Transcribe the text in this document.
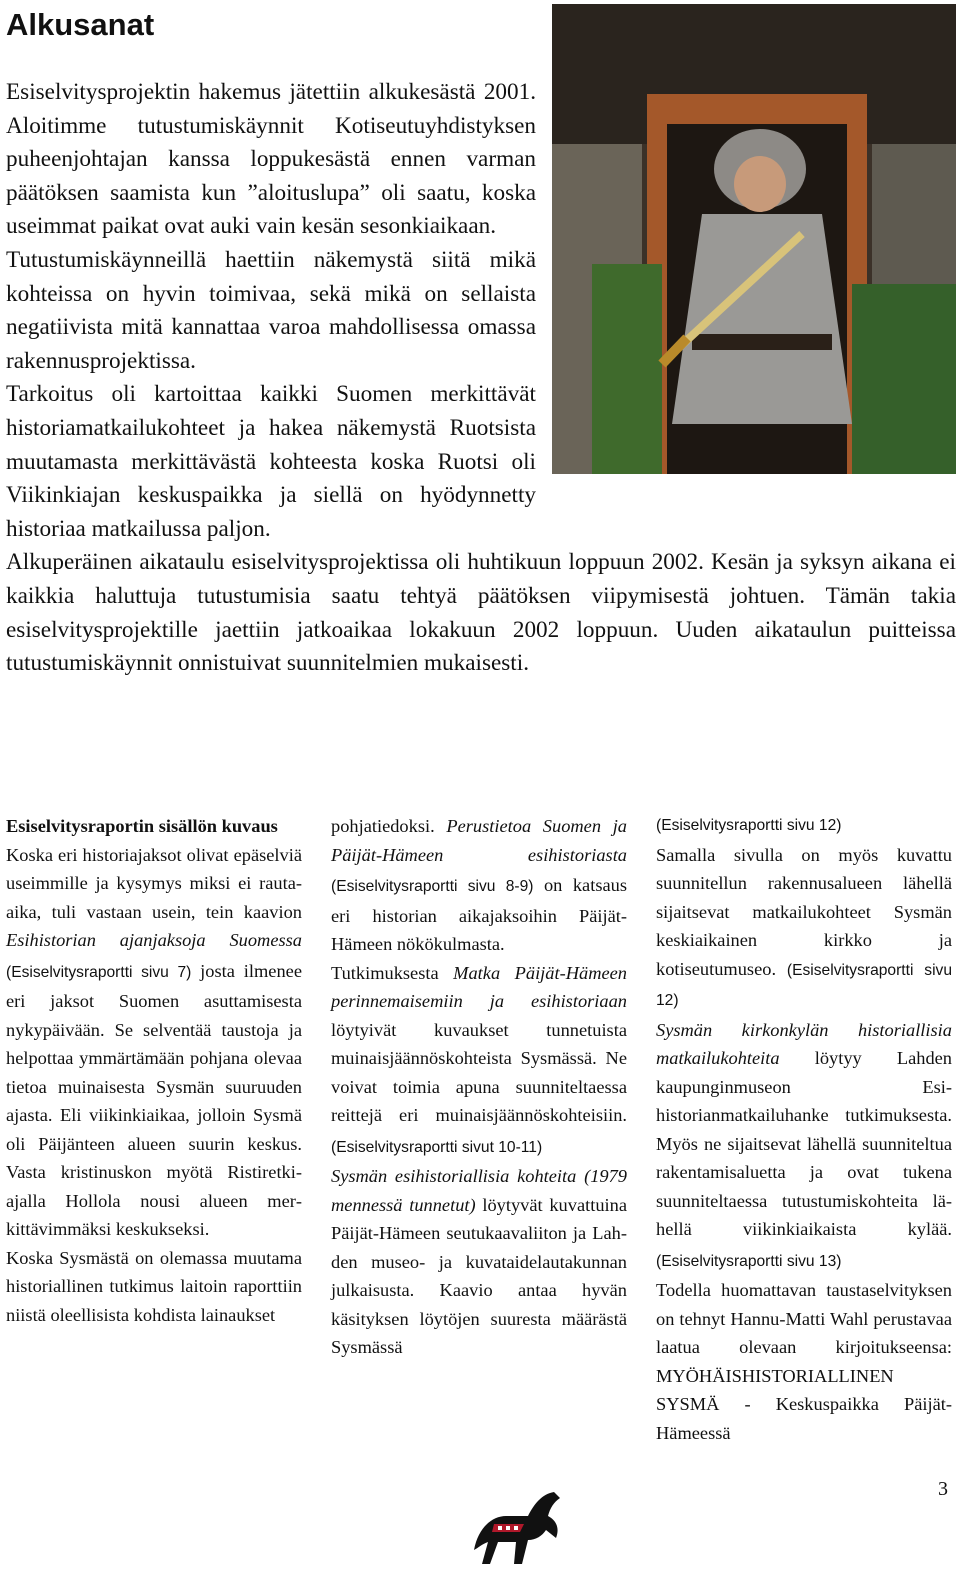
Alkusanat

Esiselvitysprojektin hakemus jätettiin alkukesästä 2001. Aloitimme tutustumiskäynnit Kotiseutuyhdistyksen puheenjohtajan kanssa loppukesästä ennen varman päätöksen saamista kun ”aloituslupa” oli saatu, koska useimmat paikat ovat auki vain kesän sesonkiaikaan.

Tutustumiskäynneillä haettiin näkemystä siitä mikä kohteissa on hyvin toimivaa, sekä mikä on sellaista negatiivista mitä kannattaa varoa mahdollisessa omassa rakennusprojektissa.

Tarkoitus oli kartoittaa kaikki Suomen merkittävät historiamatkailukohteet ja hakea näkemystä Ruotsista muutamasta merkittävästä kohteesta koska Ruotsi oli Viikinkiajan keskuspaikka ja siellä on hyödynnetty historiaa matkailussa paljon.

Alkuperäinen aikataulu esiselvitysprojektissa oli huhtikuun loppuun 2002. Kesän ja syksyn aikana ei kaikkia haluttuja tutustumisia saatu tehtyä päätöksen viipymisestä johtuen. Tämän takia esiselvitysprojektille jaettiin jatkoaikaa lokakuun 2002 loppuun. Uuden aikataulun puitteissa tutustumiskäynnit onnistuivat suunnitelmien mukaisesti.

Esiselvitysraportin sisällön kuvaus

Koska eri historiajaksot olivat epäselviä useimmille ja kysymys miksi ei rauta-aika, tuli vastaan usein, tein kaavion Esihistorian ajanjaksoja Suomessa (Esiselvitysraportti sivu 7) josta ilmenee eri jaksot Suomen asuttamisesta nykypäivään. Se selventää taustoja ja helpottaa ymmärtämään pohjana olevaa tietoa muinaisesta Sysmän suuruuden ajasta. Eli viikinkiaikaa, jolloin Sysmä oli Päijänteen alueen suurin keskus. Vasta kristinuskon myötä Ristiretkiajalla Hollola nousi alueen merkittävimmäksi keskukseksi.

Koska Sysmästä on olemassa muutama historiallinen tutkimus laitoin raporttiin niistä oleellisista kohdista lainaukset

pohjatiedoksi. Perustietoa Suomen ja Päijät-Hämeen esihistoriasta (Esiselvitysraportti sivu 8-9) on katsaus eri historian aikajaksoihin Päijät-Hämeen nökökulmasta.

Tutkimuksesta Matka Päijät-Hämeen perinnemaisemiin ja esihistoriaan löytyivät kuvaukset tunnetuista muinaisjäännöskohteista Sysmässä. Ne voivat toimia apuna suunniteltaessa reittejä eri muinaisjäännöskohteisiin. (Esiselvitysraportti sivut 10-11)

Sysmän esihistoriallisia kohteita (1979 mennessä tunnetut) löytyvät kuvattuina Päijät-Hämeen seutukaavaliiton ja Lahden museo- ja kuvataidelautakunnan julkaisusta. Kaavio antaa hyvän käsityksen löytöjen suuresta määrästä Sysmässä

(Esiselvitysraportti sivu 12)

Samalla sivulla on myös kuvattu suunnitellun rakennusalueen lähellä sijaitsevat matkailukohteet Sysmän keskiaikainen kirkko ja kotiseutumuseo. (Esiselvitysraportti sivu 12)

Sysmän kirkonkylän historiallisia matkailukohteita löytyy Lahden kaupunginmuseon Esihistorianmatkailuhanke tutkimuksesta. Myös ne sijaitsevat lähellä suunniteltua rakentamisaluetta ja ovat tukena suunniteltaessa tutustumiskohteita lähellä viikinkiaikaista kylää. (Esiselvitysraportti sivu 13)

Todella huomattavan taustaselvityksen on tehnyt Hannu-Matti Wahl perustavaa laatua olevaan kirjoitukseensa: MYÖHÄISHISTORIALLINEN SYSMÄ - Keskuspaikka Päijät-Hämeessä

3
